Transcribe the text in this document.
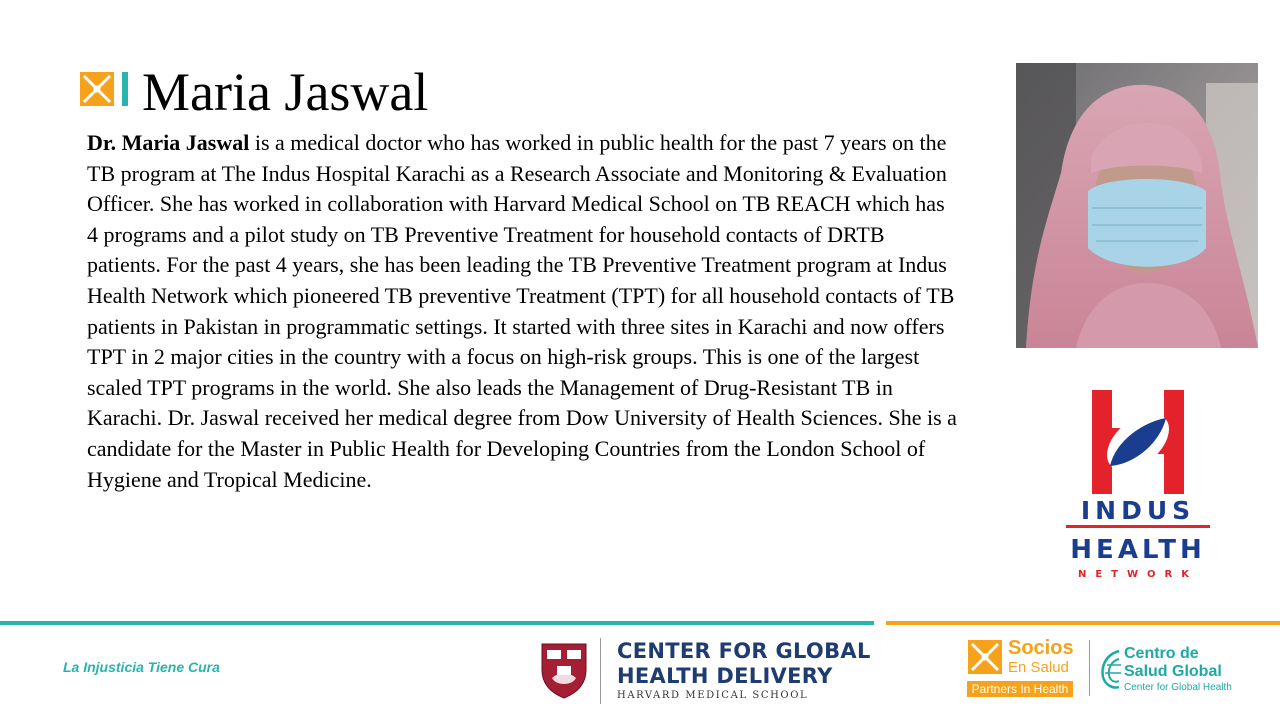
Maria Jaswal
Dr. Maria Jaswal is a medical doctor who has worked in public health for the past 7 years on the TB program at The Indus Hospital Karachi as a Research Associate and Monitoring & Evaluation Officer. She has worked in collaboration with Harvard Medical School on TB REACH which has 4 programs and a pilot study on TB Preventive Treatment for household contacts of DRTB patients. For the past 4 years, she has been leading the TB Preventive Treatment program at Indus Health Network which pioneered TB preventive Treatment (TPT) for all household contacts of TB patients in Pakistan in programmatic settings. It started with three sites in Karachi and now offers TPT in 2 major cities in the country with a focus on high-risk groups. This is one of the largest scaled TPT programs in the world. She also leads the Management of Drug-Resistant TB in Karachi. Dr. Jaswal received her medical degree from Dow University of Health Sciences. She is a candidate for the Master in Public Health for Developing Countries from the London School of Hygiene and Tropical Medicine.
INDUS
HEALTH
NETWORK
La Injusticia Tiene Cura
CENTER FOR GLOBAL
HEALTH DELIVERY
HARVARD MEDICAL SCHOOL
Socios
En Salud
Partners In Health
Centro de
Salud Global
Center for Global Health
